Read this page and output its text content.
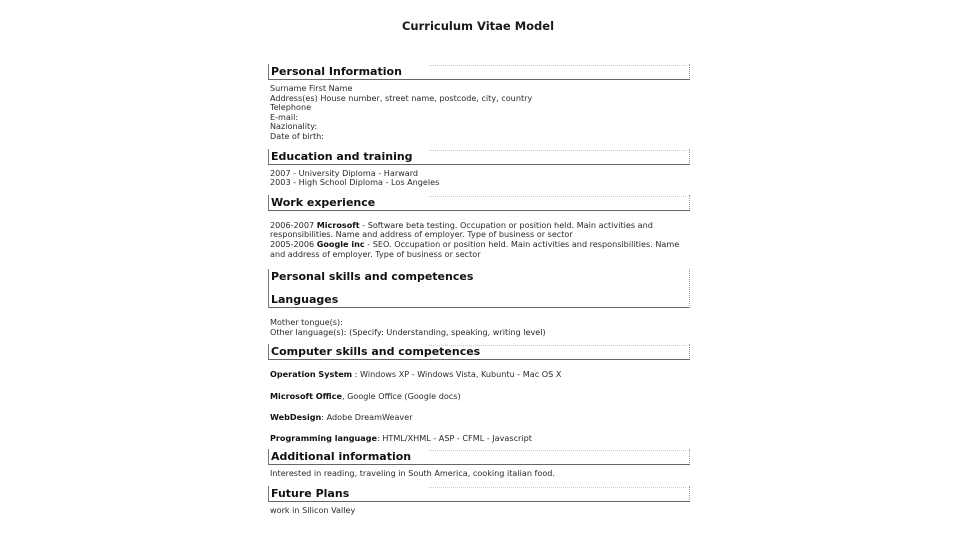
Curriculum Vitae Model
Personal Information
Surname First Name
Address(es) House number, street name, postcode, city, country
Telephone
E-mail:
Nazionality:
Date of birth:
Education and training
2007 - University Diploma - Harward
2003 - High School Diploma - Los Angeles
Work experience
2006-2007 Microsoft - Software beta testing. Occupation or position held. Main activities and responsibilities. Name and address of employer. Type of business or sector
2005-2006 Google inc - SEO. Occupation or position held. Main activities and responsibilities. Name and address of employer. Type of business or sector
Personal skills and competences
Languages
Mother tongue(s):
Other language(s): (Specify: Understanding, speaking, writing level)
Computer skills and competences
Operation System : Windows XP - Windows Vista, Kubuntu - Mac OS X
Microsoft Office, Google Office (Google docs)
WebDesign: Adobe DreamWeaver
Programming language: HTML/XHML - ASP - CFML - Javascript
Additional information
Interested in reading, traveling in South America, cooking italian food.
Future Plans
work in Silicon Valley
